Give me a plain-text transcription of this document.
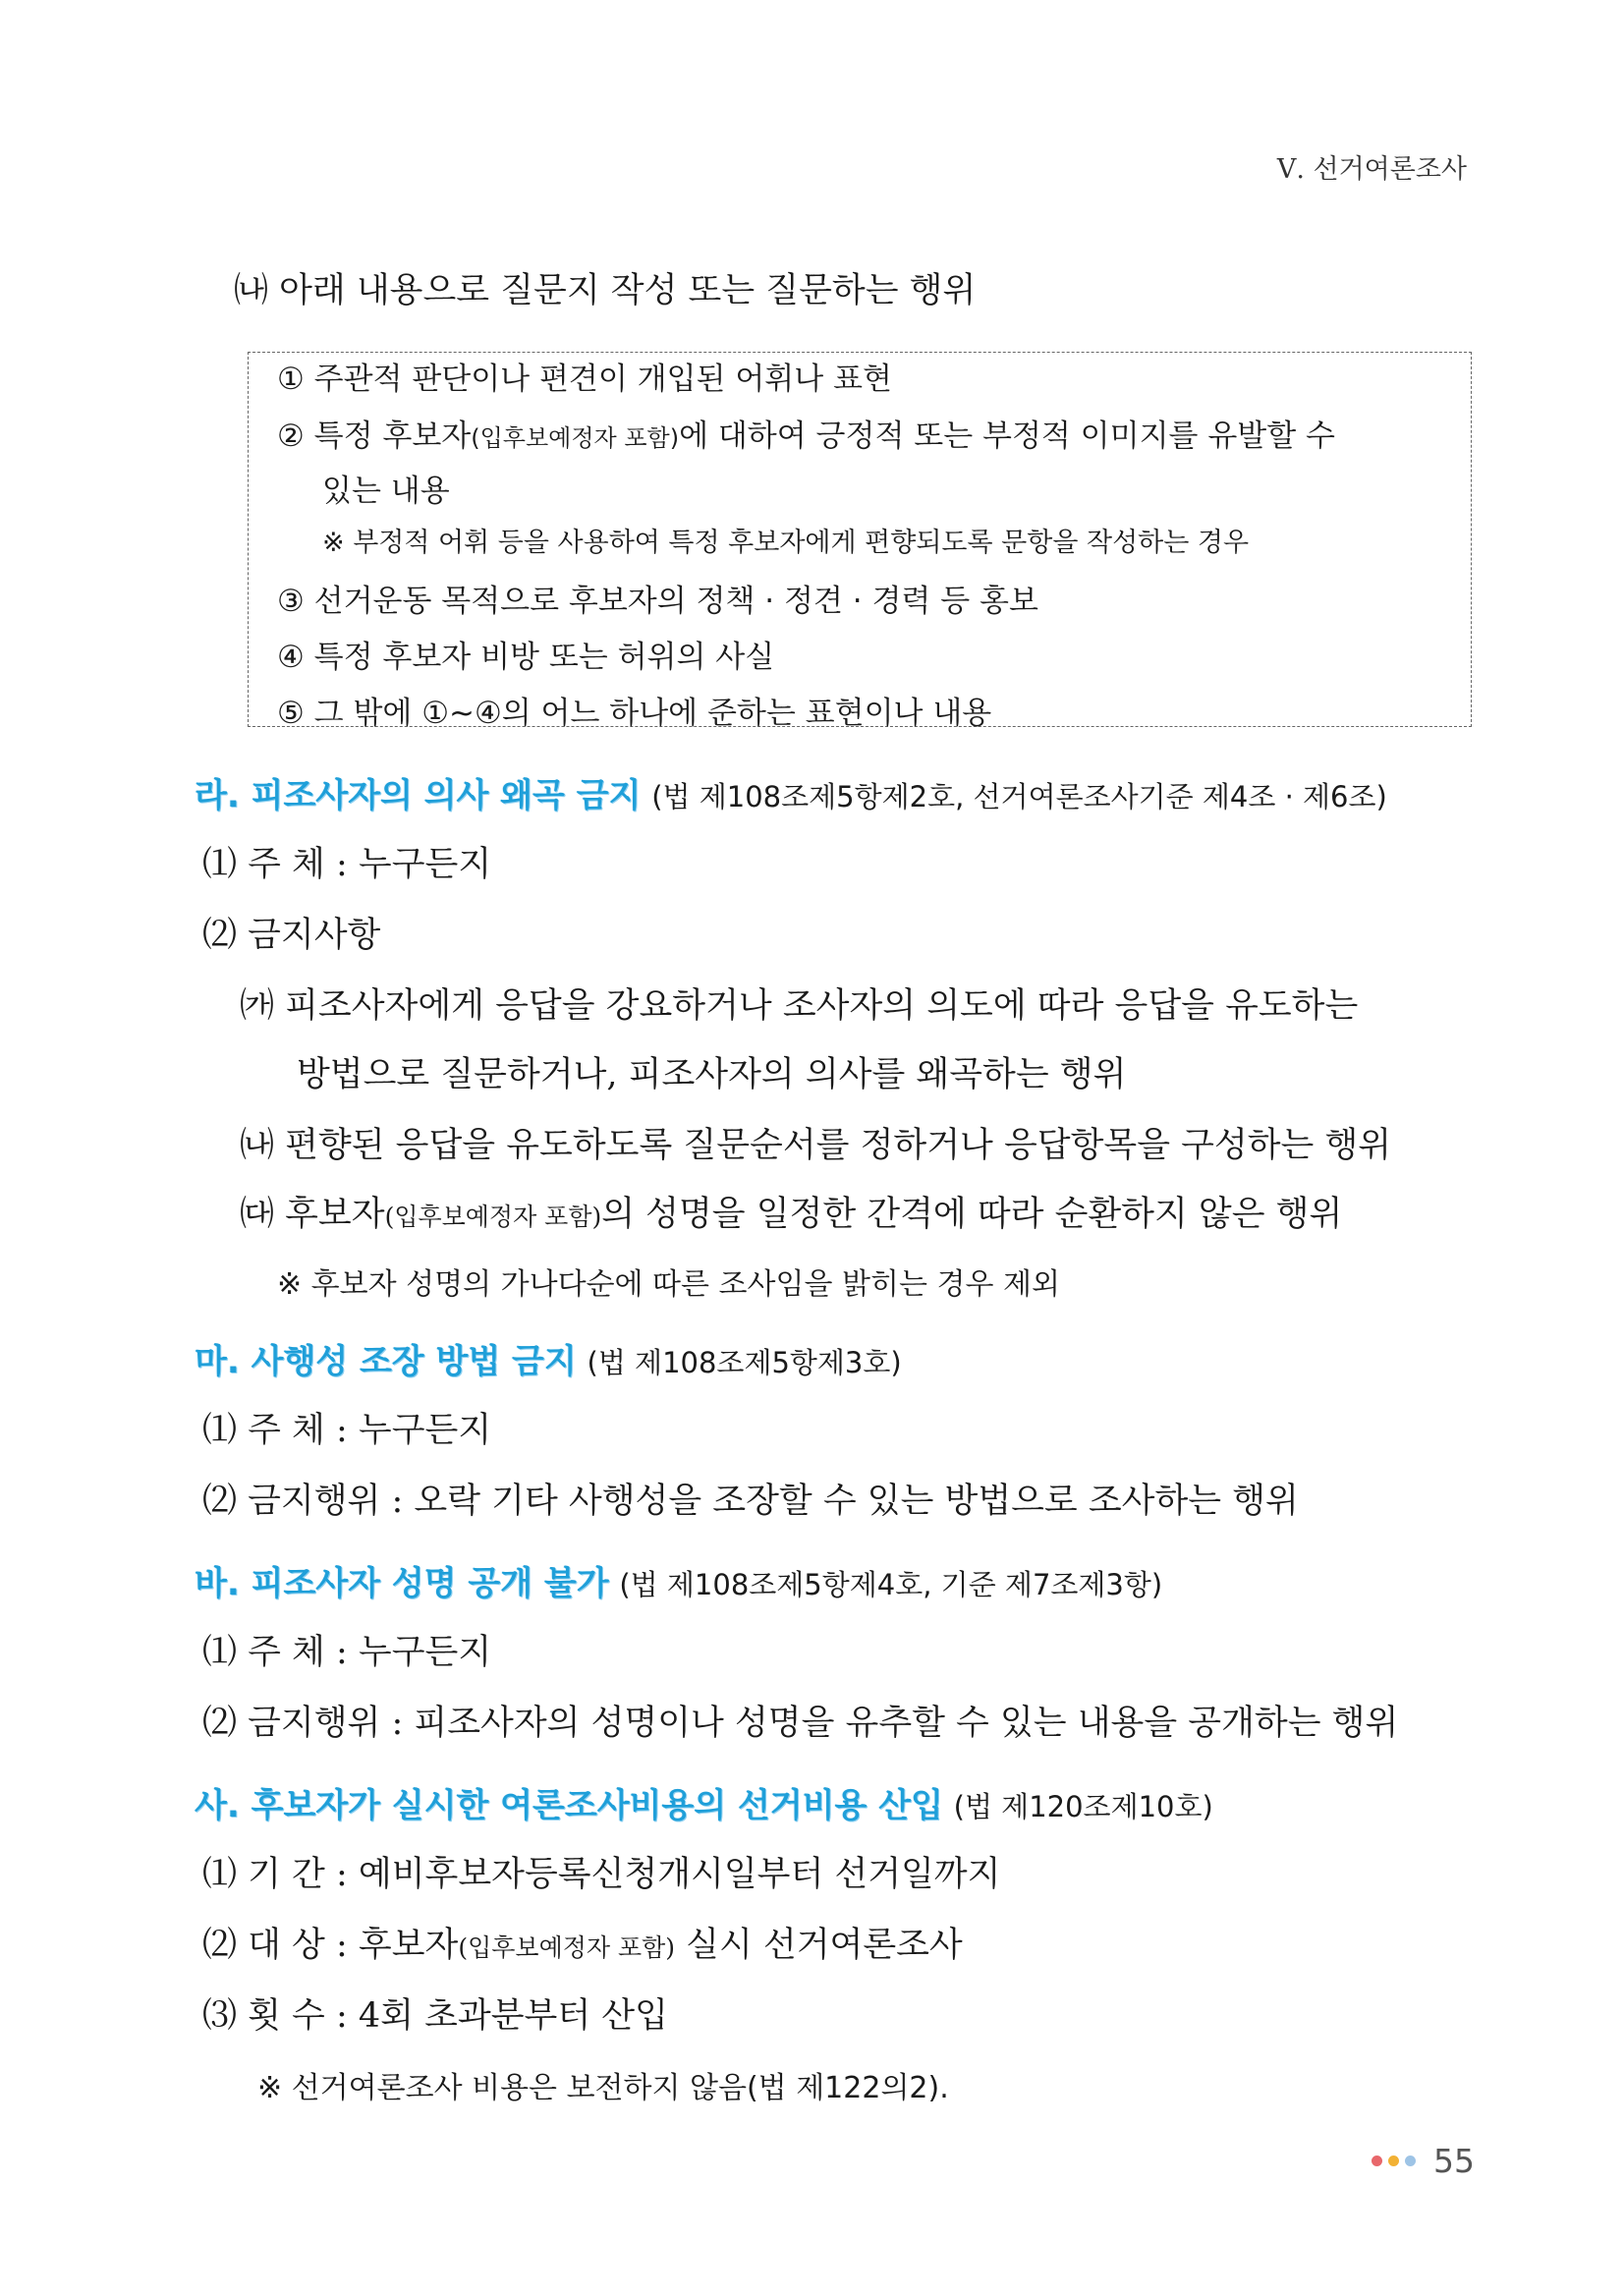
Ⅴ. 선거여론조사
㈏ 아래 내용으로 질문지 작성 또는 질문하는 행위
① 주관적 판단이나 편견이 개입된 어휘나 표현
② 특정 후보자(입후보예정자 포함)에 대하여 긍정적 또는 부정적 이미지를 유발할 수
있는 내용
※ 부정적 어휘 등을 사용하여 특정 후보자에게 편향되도록 문항을 작성하는 경우
③ 선거운동 목적으로 후보자의 정책 · 정견 · 경력 등 홍보
④ 특정 후보자 비방 또는 허위의 사실
⑤ 그 밖에 ①~④의 어느 하나에 준하는 표현이나 내용
라. 피조사자의 의사 왜곡 금지 (법 제108조제5항제2호, 선거여론조사기준 제4조 · 제6조)
⑴ 주 체 : 누구든지
⑵ 금지사항
㈎ 피조사자에게 응답을 강요하거나 조사자의 의도에 따라 응답을 유도하는
방법으로 질문하거나, 피조사자의 의사를 왜곡하는 행위
㈏ 편향된 응답을 유도하도록 질문순서를 정하거나 응답항목을 구성하는 행위
㈐ 후보자(입후보예정자 포함)의 성명을 일정한 간격에 따라 순환하지 않은 행위
※ 후보자 성명의 가나다순에 따른 조사임을 밝히는 경우 제외
마. 사행성 조장 방법 금지 (법 제108조제5항제3호)
⑴ 주 체 : 누구든지
⑵ 금지행위 : 오락 기타 사행성을 조장할 수 있는 방법으로 조사하는 행위
바. 피조사자 성명 공개 불가 (법 제108조제5항제4호, 기준 제7조제3항)
⑴ 주 체 : 누구든지
⑵ 금지행위 : 피조사자의 성명이나 성명을 유추할 수 있는 내용을 공개하는 행위
사. 후보자가 실시한 여론조사비용의 선거비용 산입 (법 제120조제10호)
⑴ 기 간 : 예비후보자등록신청개시일부터 선거일까지
⑵ 대 상 : 후보자(입후보예정자 포함) 실시 선거여론조사
⑶ 횟 수 : 4회 초과분부터 산입
※ 선거여론조사 비용은 보전하지 않음(법 제122의2).
55
